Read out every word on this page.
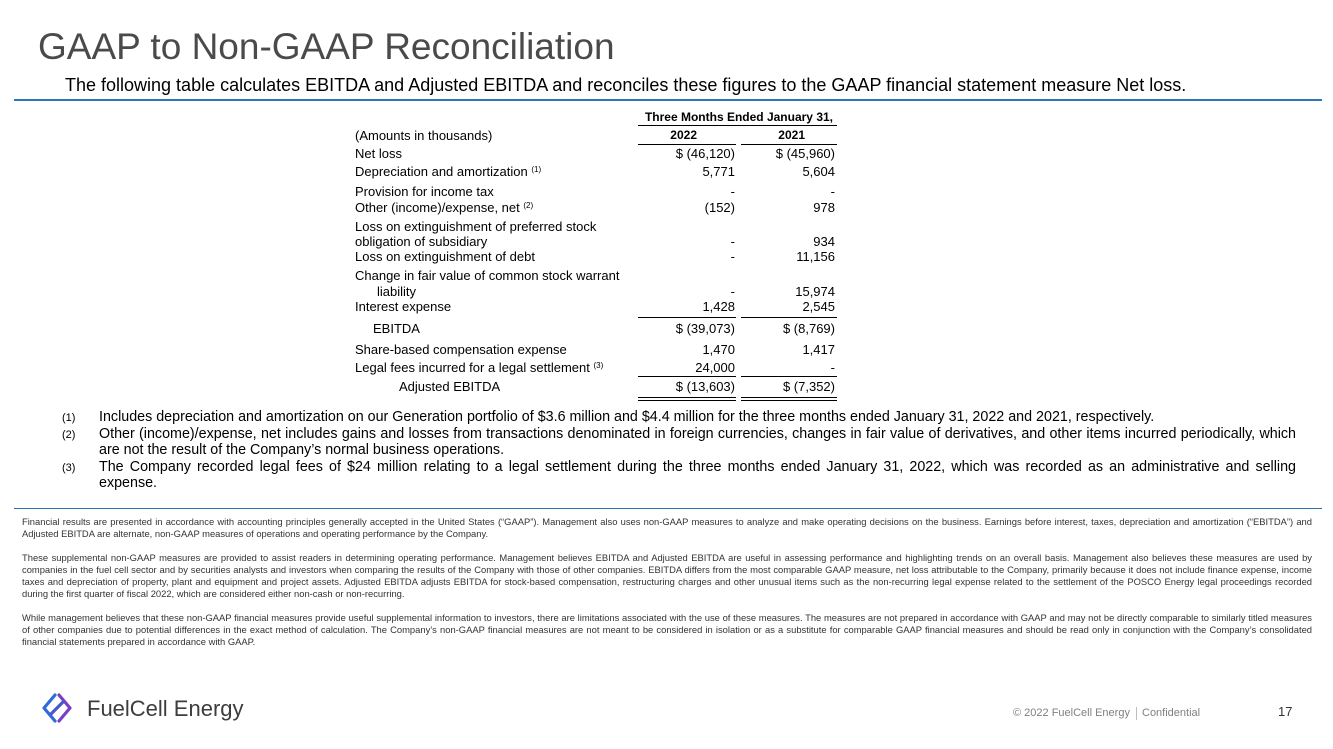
GAAP to Non-GAAP Reconciliation
The following table calculates EBITDA and Adjusted EBITDA and reconciles these figures to the GAAP financial statement measure Net loss.
Three Months Ended January 31,
(Amounts in thousands)	2022	2021
Net loss	$ (46,120)	$ (45,960)
Depreciation and amortization $^{(1)}$	5,771	5,604
Provision for income tax	-	-
Other (income)/expense, net $^{(2)}$	(152)	978
Loss on extinguishment of preferred stock
obligation of subsidiary	-	934
Loss on extinguishment of debt	-	11,156
Change in fair value of common stock warrant
liability	-	15,974
Interest expense	1,428	2,545
EBITDA	$ (39,073)	$ (8,769)
Share-based compensation expense	1,470	1,417
Legal fees incurred for a legal settlement $^{(3)}$	24,000	-
Adjusted EBITDA	$ (13,603)	$ (7,352)
(1) Includes depreciation and amortization on our Generation portfolio of $3.6 million and $4.4 million for the three months ended January 31, 2022 and 2021, respectively.
(2) Other (income)/expense, net includes gains and losses from transactions denominated in foreign currencies, changes in fair value of derivatives, and other items incurred periodically, which are not the result of the Company’s normal business operations.
(3) The Company recorded legal fees of $24 million relating to a legal settlement during the three months ended January 31, 2022, which was recorded as an administrative and selling expense.

Financial results are presented in accordance with accounting principles generally accepted in the United States (“GAAP”). Management also uses non-GAAP measures to analyze and make operating decisions on the business. Earnings before interest, taxes, depreciation and amortization (“EBITDA”) and Adjusted EBITDA are alternate, non-GAAP measures of operations and operating performance by the Company.

These supplemental non-GAAP measures are provided to assist readers in determining operating performance. Management believes EBITDA and Adjusted EBITDA are useful in assessing performance and highlighting trends on an overall basis. Management also believes these measures are used by companies in the fuel cell sector and by securities analysts and investors when comparing the results of the Company with those of other companies. EBITDA differs from the most comparable GAAP measure, net loss attributable to the Company, primarily because it does not include finance expense, income taxes and depreciation of property, plant and equipment and project assets. Adjusted EBITDA adjusts EBITDA for stock-based compensation, restructuring charges and other unusual items such as the non-recurring legal expense related to the settlement of the POSCO Energy legal proceedings recorded during the first quarter of fiscal 2022, which are considered either non-cash or non-recurring.

While management believes that these non-GAAP financial measures provide useful supplemental information to investors, there are limitations associated with the use of these measures. The measures are not prepared in accordance with GAAP and may not be directly comparable to similarly titled measures of other companies due to potential differences in the exact method of calculation. The Company’s non-GAAP financial measures are not meant to be considered in isolation or as a substitute for comparable GAAP financial measures and should be read only in conjunction with the Company’s consolidated financial statements prepared in accordance with GAAP.

FuelCell Energy	© 2022 FuelCell Energy Confidential	17
